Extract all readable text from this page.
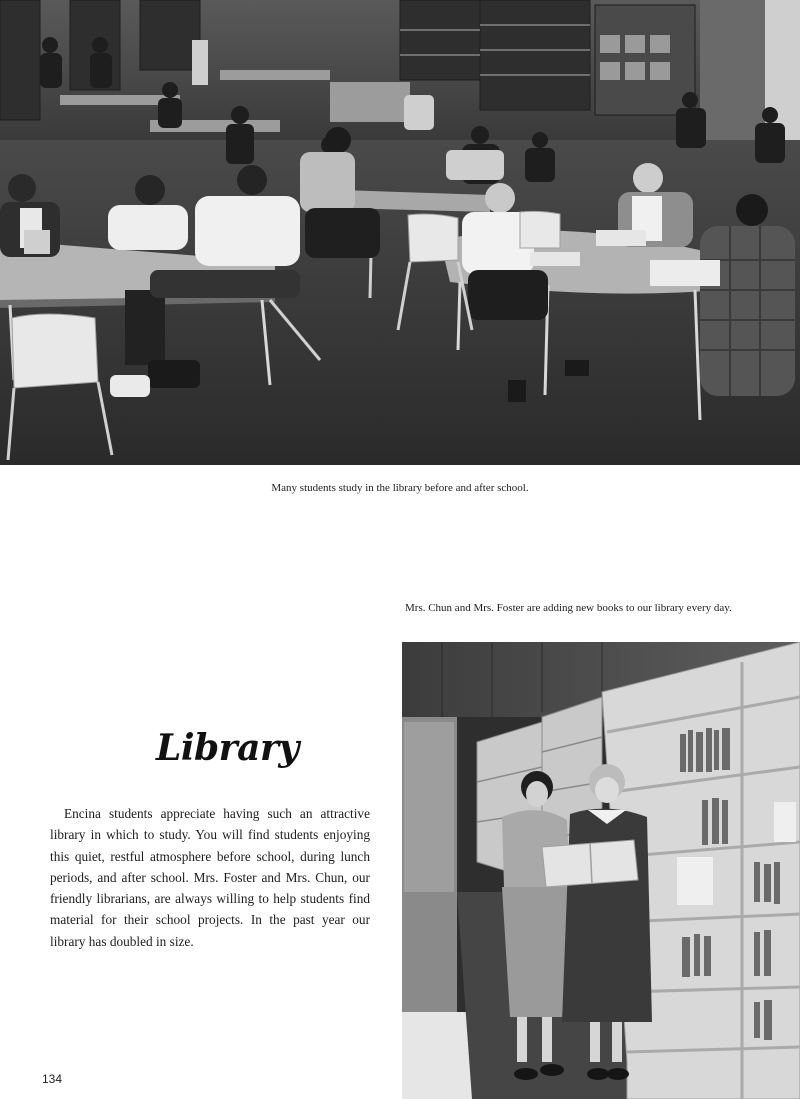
Many students study in the library before and after school.
Mrs. Chun and Mrs. Foster are adding new books to our library every day.
Library
Encina students appreciate having such an attractive library in which to study. You will find students enjoying this quiet, restful atmosphere before school, during lunch periods, and after school. Mrs. Foster and Mrs. Chun, our friendly librarians, are always willing to help students find material for their school projects. In the past year our library has doubled in size.
134
